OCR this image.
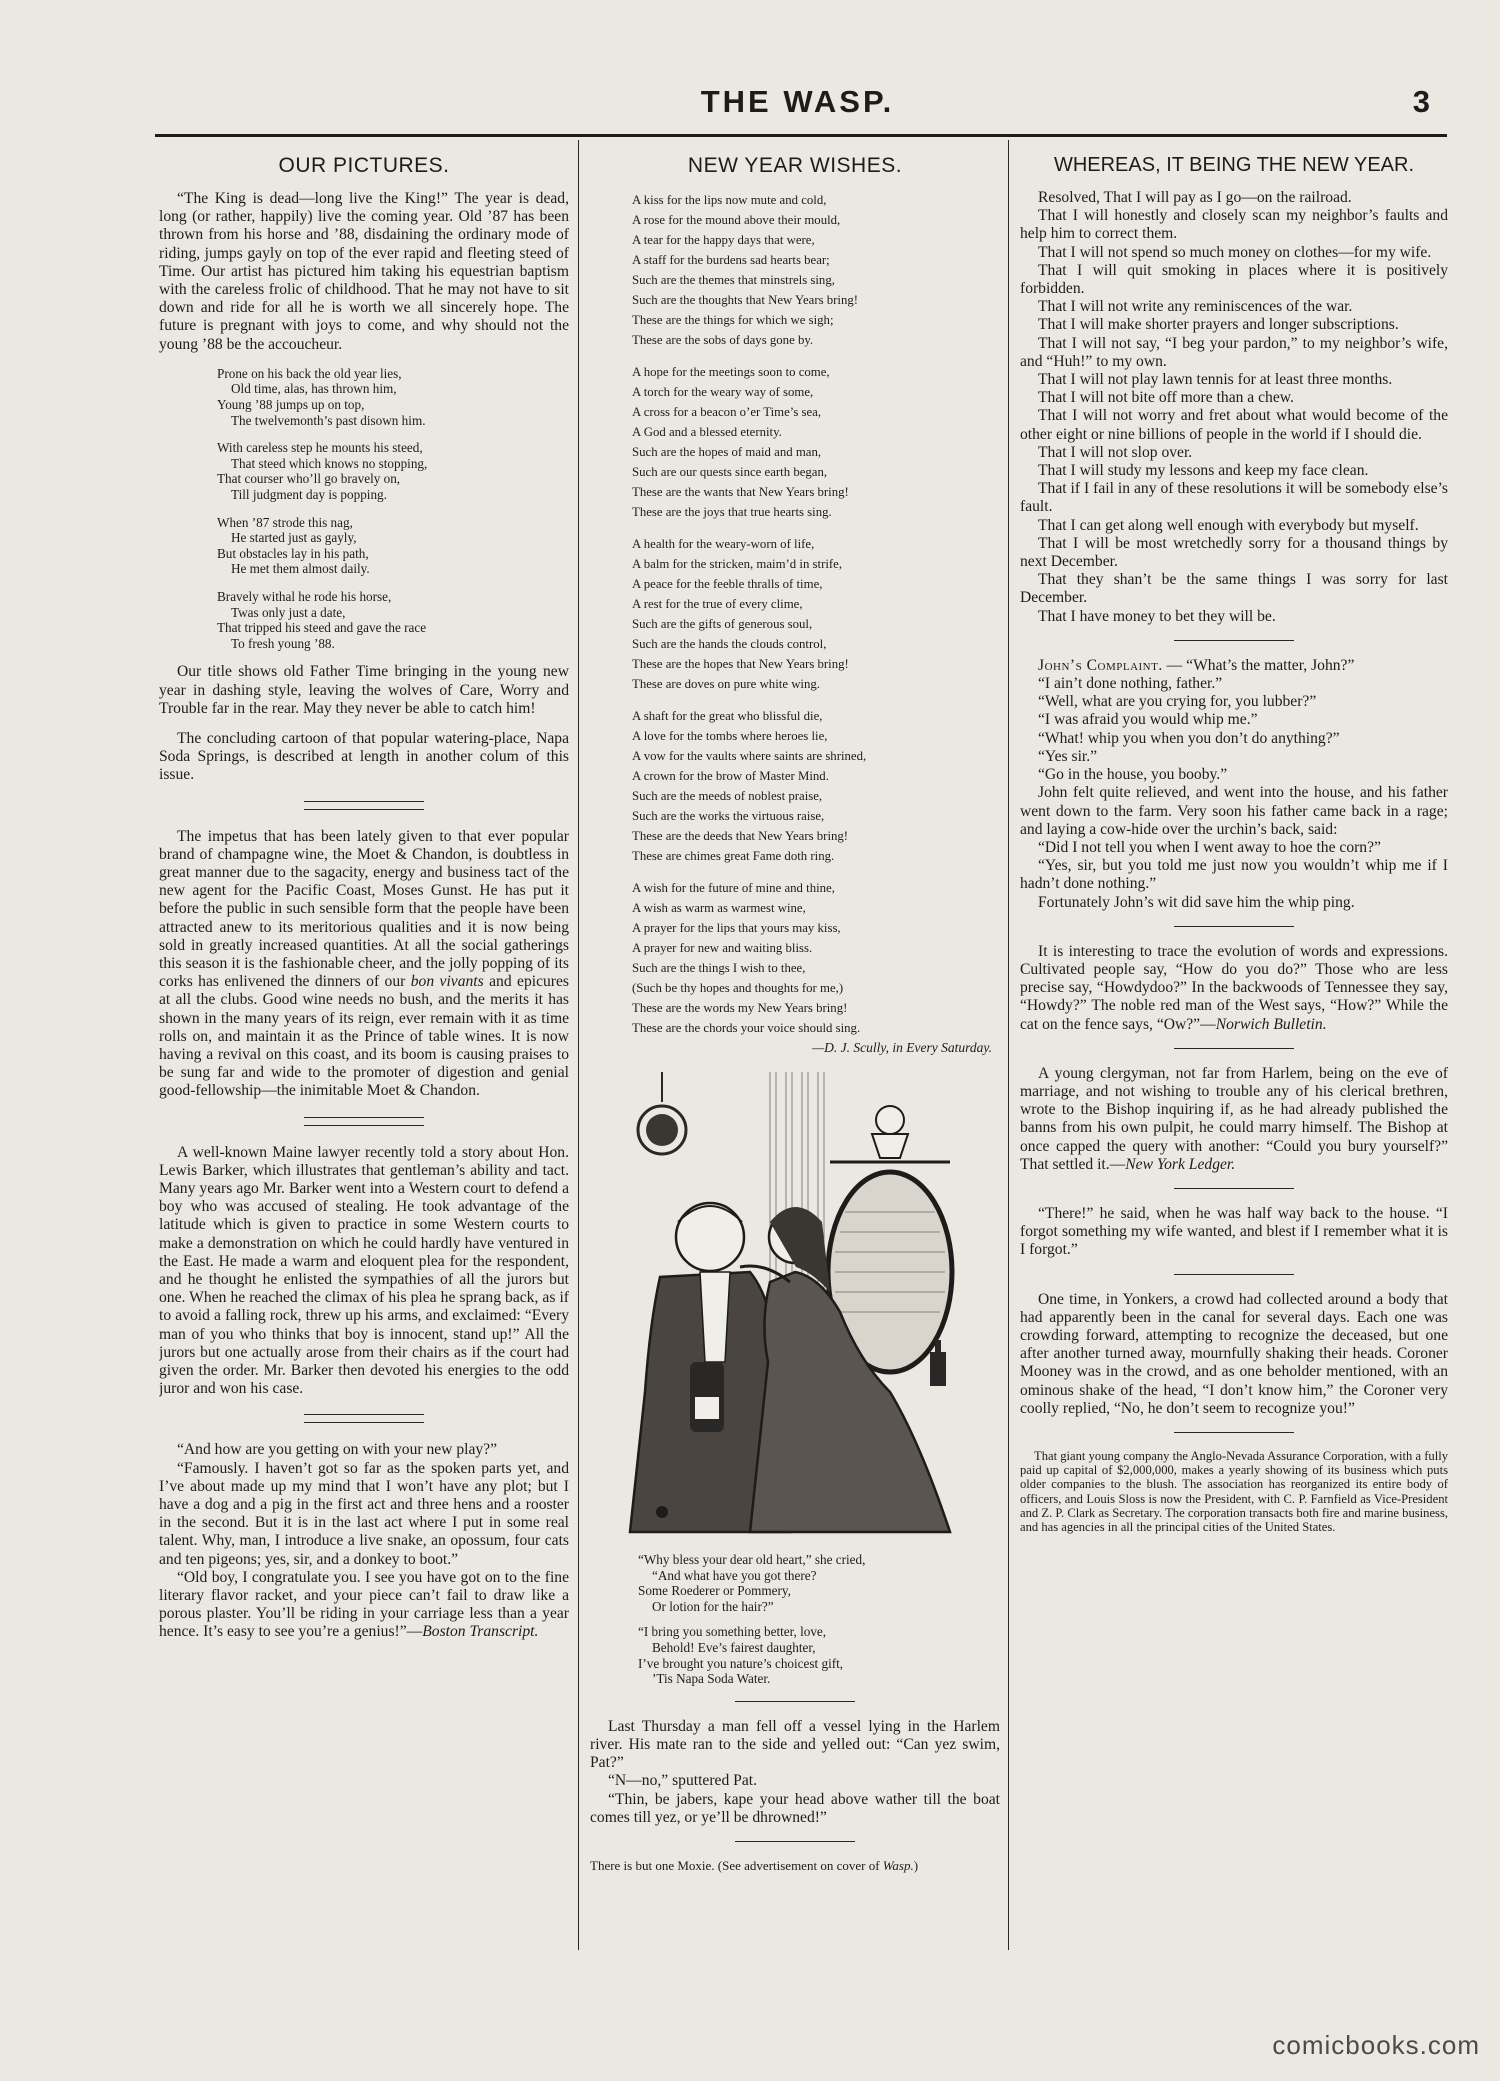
THE WASP.	3
OUR PICTURES.

“The King is dead—long live the King!” The year is dead, long (or rather, happily) live the coming year. Old ’87 has been thrown from his horse and ’88, disdaining the ordinary mode of riding, jumps gayly on top of the ever rapid and fleeting steed of Time. Our artist has pictured him taking his equestrian baptism with the careless frolic of childhood. That he may not have to sit down and ride for all he is worth we all sincerely hope. The future is pregnant with joys to come, and why should not the young ’88 be the accoucheur.

Prone on his back the old year lies,
Old time, alas, has thrown him,
Young ’88 jumps up on top,
The twelvemonth’s past disown him.
With careless step he mounts his steed,
That steed which knows no stopping,
That courser who’ll go bravely on,
Till judgment day is popping.
When ’87 strode this nag,
He started just as gayly,
But obstacles lay in his path,
He met them almost daily.
Bravely withal he rode his horse,
Twas only just a date,
That tripped his steed and gave the race
To fresh young ’88.

Our title shows old Father Time bringing in the young new year in dashing style, leaving the wolves of Care, Worry and Trouble far in the rear. May they never be able to catch him!

The concluding cartoon of that popular watering-place, Napa Soda Springs, is described at length in another colum of this issue.

The impetus that has been lately given to that ever popular brand of champagne wine, the Moet & Chandon, is doubtless in great manner due to the sagacity, energy and business tact of the new agent for the Pacific Coast, Moses Gunst. He has put it before the public in such sensible form that the people have been attracted anew to its meritorious qualities and it is now being sold in greatly increased quantities. At all the social gatherings this season it is the fashionable cheer, and the jolly popping of its corks has enlivened the dinners of our bon vivants and epicures at all the clubs. Good wine needs no bush, and the merits it has shown in the many years of its reign, ever remain with it as time rolls on, and maintain it as the Prince of table wines. It is now having a revival on this coast, and its boom is causing praises to be sung far and wide to the promoter of digestion and genial good-fellowship—the inimitable Moet & Chandon.

A well-known Maine lawyer recently told a story about Hon. Lewis Barker, which illustrates that gentleman’s ability and tact. Many years ago Mr. Barker went into a Western court to defend a boy who was accused of stealing. He took advantage of the latitude which is given to practice in some Western courts to make a demonstration on which he could hardly have ventured in the East. He made a warm and eloquent plea for the respondent, and he thought he enlisted the sympathies of all the jurors but one. When he reached the climax of his plea he sprang back, as if to avoid a falling rock, threw up his arms, and exclaimed: “Every man of you who thinks that boy is innocent, stand up!” All the jurors but one actually arose from their chairs as if the court had given the order. Mr. Barker then devoted his energies to the odd juror and won his case.

“And how are you getting on with your new play?”

“Famously. I haven’t got so far as the spoken parts yet, and I’ve about made up my mind that I won’t have any plot; but I have a dog and a pig in the first act and three hens and a rooster in the second. But it is in the last act where I put in some real talent. Why, man, I introduce a live snake, an opossum, four cats and ten pigeons; yes, sir, and a donkey to boot.”

“Old boy, I congratulate you. I see you have got on to the fine literary flavor racket, and your piece can’t fail to draw like a porous plaster. You’ll be riding in your carriage less than a year hence. It’s easy to see you’re a genius!”—Boston Transcript.

NEW YEAR WISHES.
A kiss for the lips now mute and cold,
A rose for the mound above their mould,
A tear for the happy days that were,
A staff for the burdens sad hearts bear;
Such are the themes that minstrels sing,
Such are the thoughts that New Years bring!
These are the things for which we sigh;
These are the sobs of days gone by.
A hope for the meetings soon to come,
A torch for the weary way of some,
A cross for a beacon o’er Time’s sea,
A God and a blessed eternity.
Such are the hopes of maid and man,
Such are our quests since earth began,
These are the wants that New Years bring!
These are the joys that true hearts sing.
A health for the weary-worn of life,
A balm for the stricken, maim’d in strife,
A peace for the feeble thralls of time,
A rest for the true of every clime,
Such are the gifts of generous soul,
Such are the hands the clouds control,
These are the hopes that New Years bring!
These are doves on pure white wing.
A shaft for the great who blissful die,
A love for the tombs where heroes lie,
A vow for the vaults where saints are shrined,
A crown for the brow of Master Mind.
Such are the meeds of noblest praise,
Such are the works the virtuous raise,
These are the deeds that New Years bring!
These are chimes great Fame doth ring.
A wish for the future of mine and thine,
A wish as warm as warmest wine,
A prayer for the lips that yours may kiss,
A prayer for new and waiting bliss.
Such are the things I wish to thee,
(Such be thy hopes and thoughts for me,)
These are the words my New Years bring!
These are the chords your voice should sing.
—D. J. Scully, in Every Saturday.
“Why bless your dear old heart,” she cried,
“And what have you got there?
Some Roederer or Pommery,
Or lotion for the hair?”
“I bring you something better, love,
Behold! Eve’s fairest daughter,
I’ve brought you nature’s choicest gift,
’Tis Napa Soda Water.

Last Thursday a man fell off a vessel lying in the Harlem river. His mate ran to the side and yelled out: “Can yez swim, Pat?”

“N—no,” sputtered Pat.

“Thin, be jabers, kape your head above wather till the boat comes till yez, or ye’ll be dhrowned!”

There is but one Moxie. (See advertisement on cover of Wasp.)

WHEREAS, IT BEING THE NEW YEAR.

Resolved, That I will pay as I go—on the railroad.

That I will honestly and closely scan my neighbor’s faults and help him to correct them.

That I will not spend so much money on clothes—for my wife.

That I will quit smoking in places where it is positively forbidden.

That I will not write any reminiscences of the war.

That I will make shorter prayers and longer subscriptions.

That I will not say, “I beg your pardon,” to my neighbor’s wife, and “Huh!” to my own.

That I will not play lawn tennis for at least three months.

That I will not bite off more than a chew.

That I will not worry and fret about what would become of the other eight or nine billions of people in the world if I should die.

That I will not slop over.

That I will study my lessons and keep my face clean.

That if I fail in any of these resolutions it will be somebody else’s fault.

That I can get along well enough with everybody but myself.

That I will be most wretchedly sorry for a thousand things by next December.

That they shan’t be the same things I was sorry for last December.

That I have money to bet they will be.

John’s Complaint. — “What’s the matter, John?”

“I ain’t done nothing, father.”

“Well, what are you crying for, you lubber?”

“I was afraid you would whip me.”

“What! whip you when you don’t do anything?”

“Yes sir.”

“Go in the house, you booby.”

John felt quite relieved, and went into the house, and his father went down to the farm. Very soon his father came back in a rage; and laying a cow-hide over the urchin’s back, said:

“Did I not tell you when I went away to hoe the corn?”

“Yes, sir, but you told me just now you wouldn’t whip me if I hadn’t done nothing.”

Fortunately John’s wit did save him the whip ping.

It is interesting to trace the evolution of words and expressions. Cultivated people say, “How do you do?” Those who are less precise say, “Howdydoo?” In the backwoods of Tennessee they say, “Howdy?” The noble red man of the West says, “How?” While the cat on the fence says, “Ow?”—Norwich Bulletin.

A young clergyman, not far from Harlem, being on the eve of marriage, and not wishing to trouble any of his clerical brethren, wrote to the Bishop inquiring if, as he had already published the banns from his own pulpit, he could marry himself. The Bishop at once capped the query with another: “Could you bury yourself?” That settled it.—New York Ledger.

“There!” he said, when he was half way back to the house. “I forgot something my wife wanted, and blest if I remember what it is I forgot.”

One time, in Yonkers, a crowd had collected around a body that had apparently been in the canal for several days. Each one was crowding forward, attempting to recognize the deceased, but one after another turned away, mournfully shaking their heads. Coroner Mooney was in the crowd, and as one beholder mentioned, with an ominous shake of the head, “I don’t know him,” the Coroner very coolly replied, “No, he don’t seem to recognize you!”

That giant young company the Anglo-Nevada Assurance Corporation, with a fully paid up capital of $2,000,000, makes a yearly showing of its business which puts older companies to the blush. The association has reorganized its entire body of officers, and Louis Sloss is now the President, with C. P. Farnfield as Vice-President and Z. P. Clark as Secretary. The corporation transacts both fire and marine business, and has agencies in all the principal cities of the United States.

comicbooks.com
